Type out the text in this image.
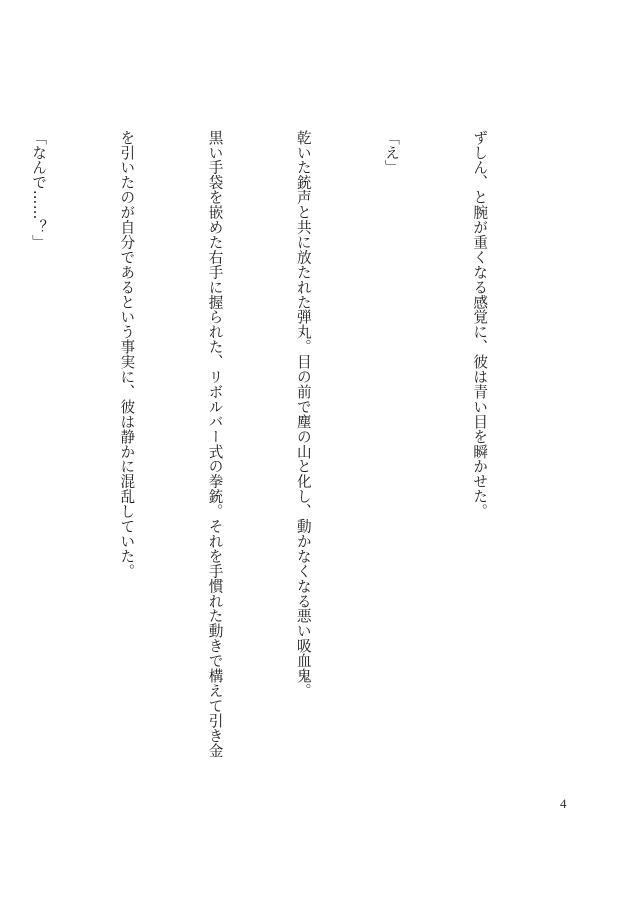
ずしん、と腕が重くなる感覚に、彼は青い目を瞬かせた。

「え」

乾いた銃声と共に放たれた弾丸。目の前で塵の山と化し、動かなくなる悪い吸血鬼。

黒い手袋を嵌めた右手に握られた、リボルバー式の拳銃。それを手慣れた動きで構えて引き金

を引いたのが自分であるという事実に、彼は静かに混乱していた。

「なんで……？」

4
